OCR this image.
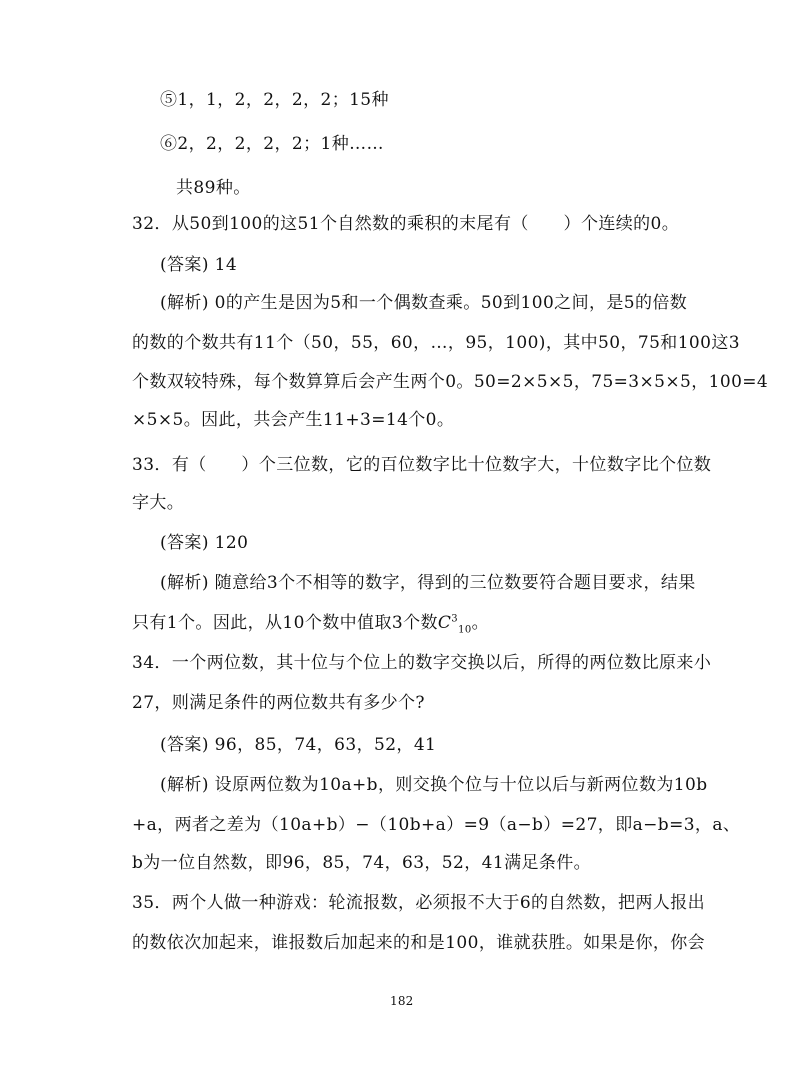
⑤1，1，2，2，2，2；15种
⑥2，2，2，2，2；1种……
共89种。
32．从50到100的这51个自然数的乘积的末尾有（　　）个连续的0。
(答案) 14
(解析) 0的产生是因为5和一个偶数查乘。50到100之间，是5的倍数
的数的个数共有11个（50，55，60，…，95，100)，其中50，75和100这3
个数双较特殊，每个数算算后会产生两个0。50=2×5×5，75=3×5×5，100=4
×5×5。因此，共会产生11+3=14个0。
33．有（　　）个三位数，它的百位数字比十位数字大，十位数字比个位数
字大。
(答案) 120
(解析) 随意给3个不相等的数字，得到的三位数要符合题目要求，结果
只有1个。因此，从10个数中值取3个数$C^3_{10}$。
34．一个两位数，其十位与个位上的数字交换以后，所得的两位数比原来小
27，则满足条件的两位数共有多少个?
(答案) 96，85，74，63，52，41
(解析) 设原两位数为10a+b，则交换个位与十位以后与新两位数为10b
+a，两者之差为（10a+b）−（10b+a）=9（a−b）=27，即a−b=3，a、
b为一位自然数，即96，85，74，63，52，41满足条件。
35．两个人做一种游戏：轮流报数，必须报不大于6的自然数，把两人报出
的数依次加起来，谁报数后加起来的和是100，谁就获胜。如果是你，你会
182
